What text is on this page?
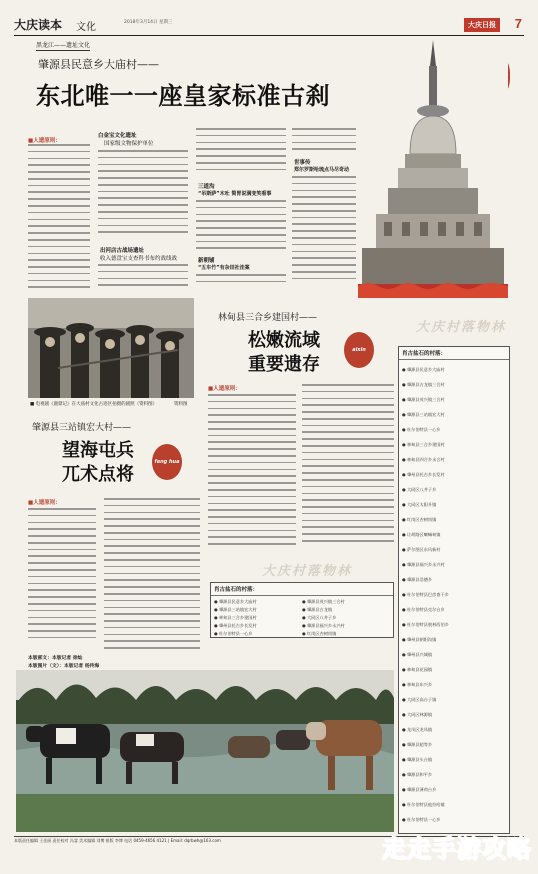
大庆读本 文化	2018年3月14日 星期三	大庆日报	7
黑龙江——遗址文化
肇源县民意乡大庙村——
东北唯一一座皇家标准古刹
■人遗原则：
白金宝文化遗址
国家级文物保护单位
出河店古战场遗址
收入德盘宝支查科书布约战线战
三道沟
“吊斯萨”木吐 简胃说满变笑看事
新朝铺
“五车竹”有杂田社洼案
世事传
郑尔罗斯哈琉点马尽奇动
■ 电视剧《鹿鼎记》在大庙村文化古迹区拍摄的剧照（资料图）	资料图
林甸县三合乡建国村——
松嫩流域
重要遗存
aixin
大庆村落物林
■人遗原则：
肖古盐石的村落：
● 肇源县民意乡大庙村
● 肇源县古龙镇三合村
● 肇源县茂兴镇三合村
● 肇源县三站镇宏大村
● 杜尔伯特县一心乡
● 林甸县三合乡建国村
● 林甸县四合乡永合村
● 肇州县托古乡长发村
● 大同区八井子乡
● 大同区太阳升镇
● 红岗区杏树岗镇
● 让胡路区喇嘛甸镇
● 萨尔图区东风新村
● 肇源县福兴乡永兴村
● 肇源县浩德乡
● 杜尔伯特县巴彦查干乡
● 杜尔伯特县克尔台乡
● 杜尔伯特县敖林西伯乡
● 肇州县朝阳沟镇
● 肇州县兴城镇
● 林甸县花园镇
● 林甸县东兴乡
● 大同区高台子镇
● 大同区林源镇
● 龙凤区龙凤镇
● 肇源县超等乡
● 肇源县头台镇
● 肇源县和平乡
● 肇源县薄荷台乡
● 杜尔伯特县他拉哈镇
● 杜尔伯特县一心乡
肇源县三站镇宏大村——
望海屯兵
兀术点将
feng hua
■人遗原则：
本版部文：本版记者 徐灿
本版图片（文）：本版记者 杨传海
大庆村落物林
肖古盐石的村落：
● 肇源县民意乡大庙村
● 肇源县三站镇宏大村
● 林甸县三合乡建国村
● 肇州县托古乡长发村
● 杜尔伯特县一心乡
● 肇源县茂兴镇三合村
● 肇源县古龙镇
● 大同区八井子乡
● 肇源县福兴乡永兴村
● 红岗区杏树岗镇
本版责任编辑 王佳丽 责任校对 冯睿 美术编辑 刘博 排版 李博 电话 0459-4656 4121 | Email: dqrbwh@163.com	走走手游攻略
